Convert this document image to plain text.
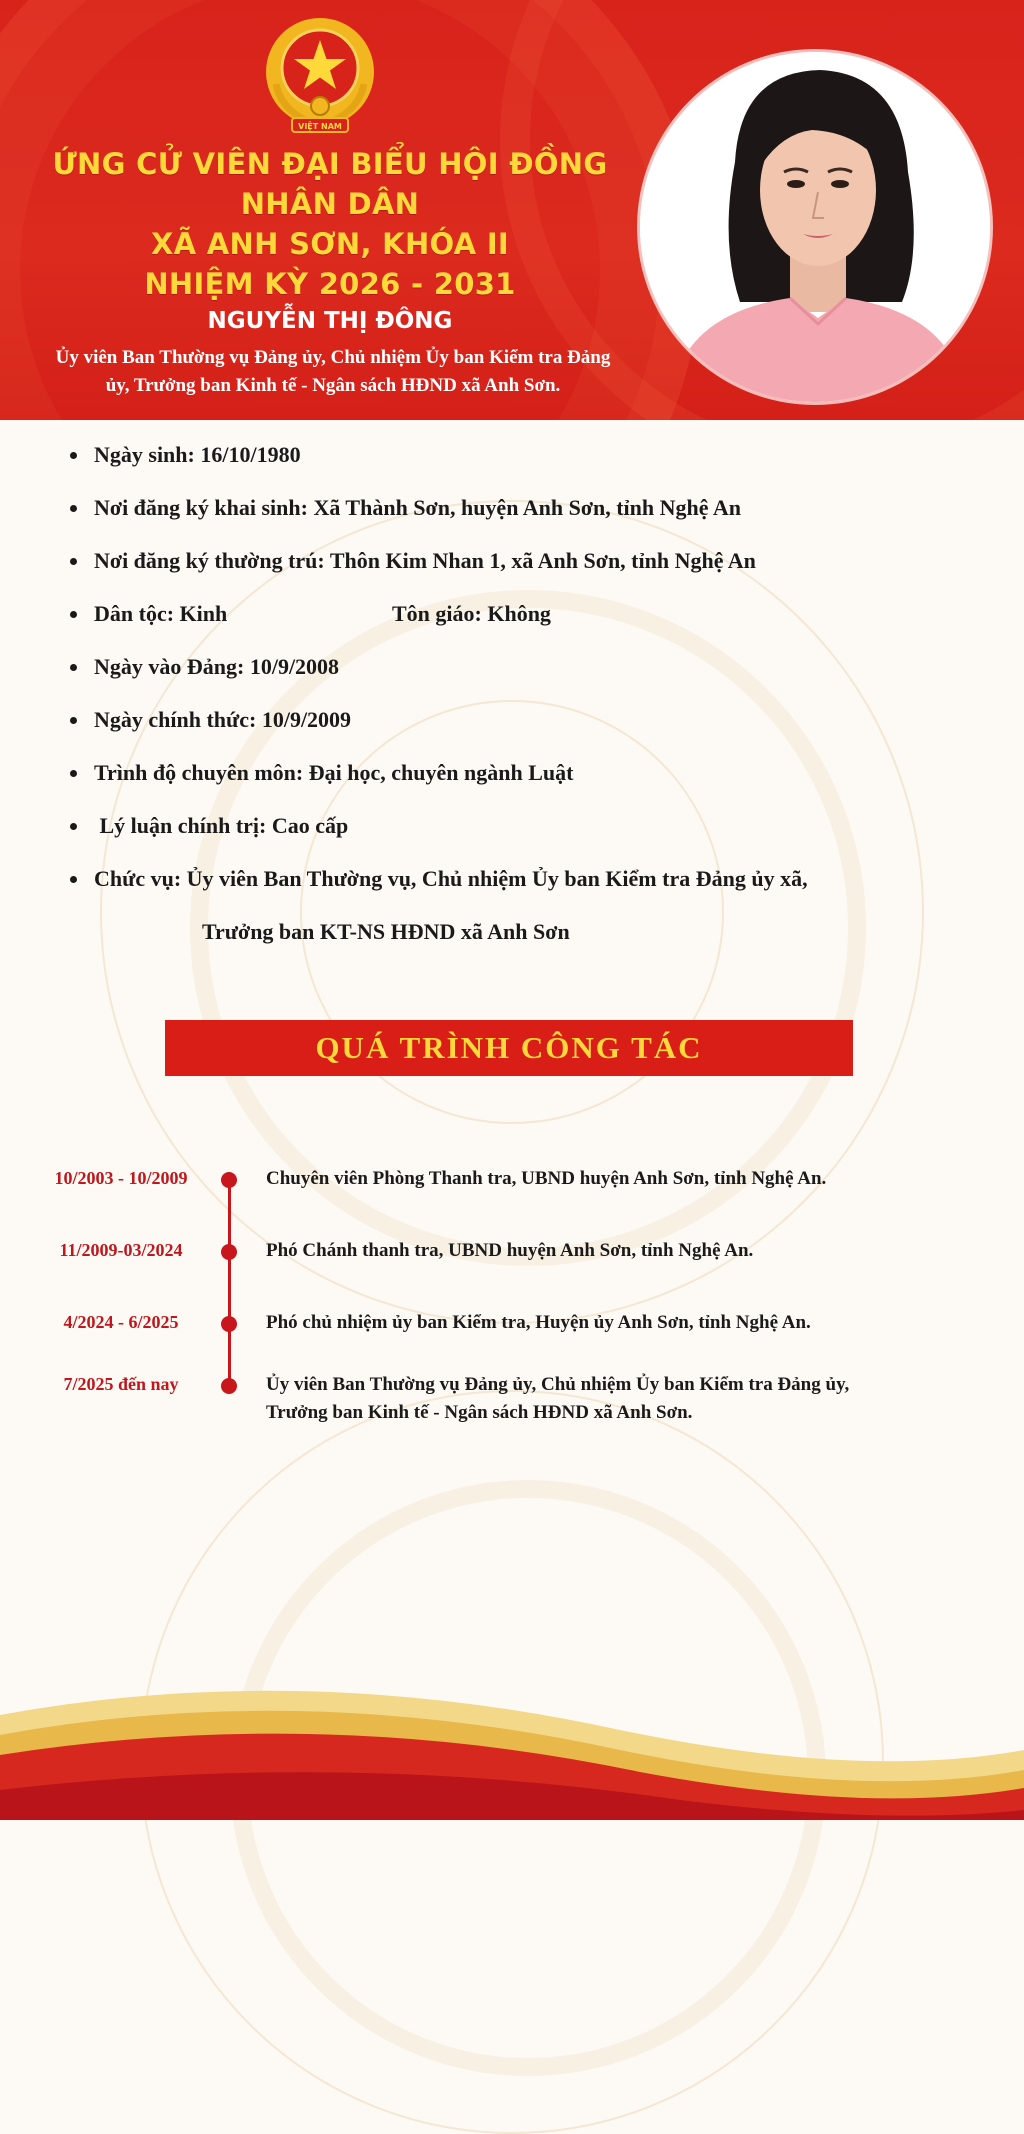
VIỆT NAM
ỨNG CỬ VIÊN ĐẠI BIỂU HỘI ĐỒNG NHÂN DÂN
XÃ ANH SƠN, KHÓA II
NHIỆM KỲ 2026 - 2031
NGUYỄN THỊ ĐÔNG
Ủy viên Ban Thường vụ Đảng ủy, Chủ nhiệm Ủy ban Kiểm tra Đảng
ủy, Trưởng ban Kinh tế - Ngân sách HĐND xã Anh Sơn.
Ngày sinh: 16/10/1980
Nơi đăng ký khai sinh: Xã Thành Sơn, huyện Anh Sơn, tỉnh Nghệ An
Nơi đăng ký thường trú: Thôn Kim Nhan 1, xã Anh Sơn, tỉnh Nghệ An
Dân tộc: Kinh	Tôn giáo: Không
Ngày vào Đảng: 10/9/2008
Ngày chính thức: 10/9/2009
Trình độ chuyên môn: Đại học, chuyên ngành Luật
Lý luận chính trị: Cao cấp
Chức vụ: Ủy viên Ban Thường vụ, Chủ nhiệm Ủy ban Kiểm tra Đảng ủy xã,
Trưởng ban KT-NS HĐND xã Anh Sơn
QUÁ TRÌNH CÔNG TÁC
10/2003 - 10/2009	Chuyên viên Phòng Thanh tra, UBND huyện Anh Sơn, tỉnh Nghệ An.
11/2009-03/2024	Phó Chánh thanh tra, UBND huyện Anh Sơn, tỉnh Nghệ An.
4/2024 - 6/2025	Phó chủ nhiệm ủy ban Kiểm tra, Huyện ủy Anh Sơn, tỉnh Nghệ An.
7/2025 đến nay	Ủy viên Ban Thường vụ Đảng ủy, Chủ nhiệm Ủy ban Kiểm tra Đảng ủy,
Trưởng ban Kinh tế - Ngân sách HĐND xã Anh Sơn.
